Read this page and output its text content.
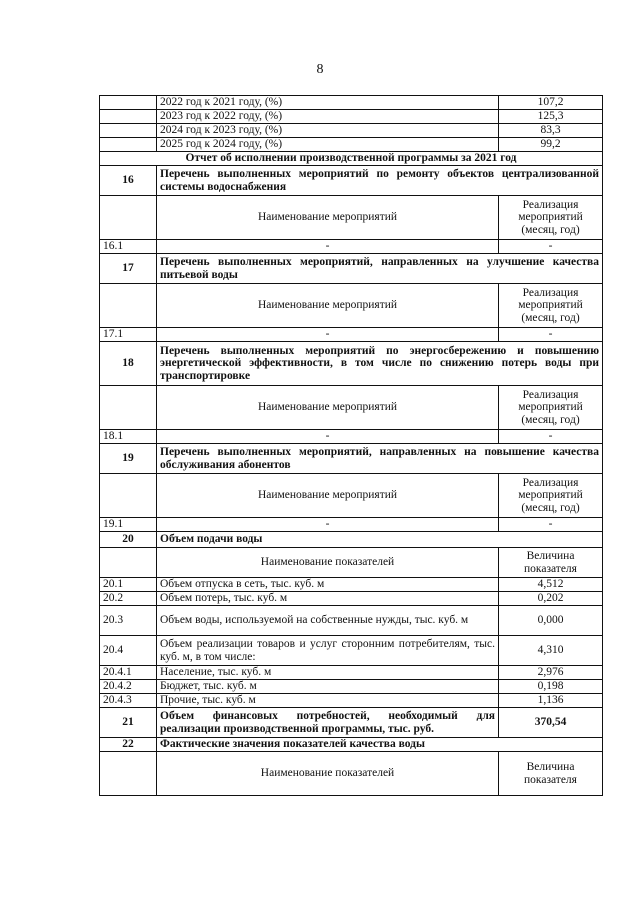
8
	2022 год к 2021 году, (%)	107,2
	2023 год к 2022 году, (%)	125,3
	2024 год к 2023 году, (%)	83,3
	2025 год к 2024 году, (%)	99,2
Отчет об исполнении производственной программы за 2021 год		
16	Перечень выполненных мероприятий по ремонту объектов централизованной системы водоснабжения	
	Наименование мероприятий	Реализация мероприятий (месяц, год)
16.1	-	-
17	Перечень выполненных мероприятий, направленных на улучшение качества питьевой воды	
	Наименование мероприятий	Реализация мероприятий (месяц, год)
17.1	-	-
18	Перечень выполненных мероприятий по энергосбережению и повышению энергетической эффективности, в том числе по снижению потерь воды при транспортировке	
	Наименование мероприятий	Реализация мероприятий (месяц, год)
18.1	-	-
19	Перечень выполненных мероприятий, направленных на повышение качества обслуживания абонентов	
	Наименование мероприятий	Реализация мероприятий (месяц, год)
19.1	-	-
20	Объем подачи воды	
	Наименование показателей	Величина показателя
20.1	Объем отпуска в сеть, тыс. куб. м	4,512
20.2	Объем потерь, тыс. куб. м	0,202
20.3	Объем воды, используемой на собственные нужды, тыс. куб. м	0,000
20.4	Объем реализации товаров и услуг сторонним потребителям, тыс. куб. м, в том числе:	4,310
20.4.1	Население, тыс. куб. м	2,976
20.4.2	Бюджет, тыс. куб. м	0,198
20.4.3	Прочие, тыс. куб. м	1,136
21	Объем финансовых потребностей, необходимый для реализации производственной программы, тыс. руб.	370,54
22	Фактические значения показателей качества воды	
	Наименование показателей	Величина показателя
